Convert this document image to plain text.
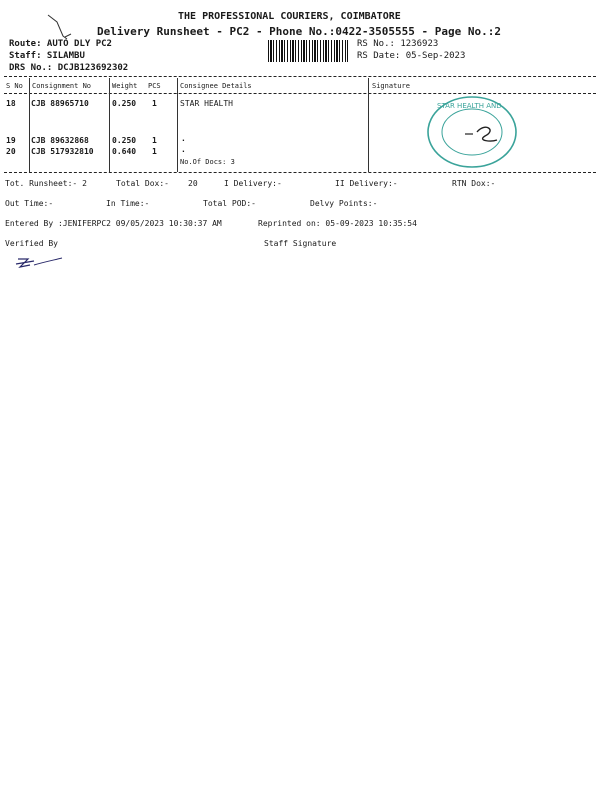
THE PROFESSIONAL COURIERS, COIMBATORE
Delivery Runsheet - PC2 - Phone No.:0422-3505555 - Page No.:2
Route: AUTO DLY PC2
Staff: SILAMBU
DRS No.: DCJB123692302
RS No.: 1236923
RS Date: 05-Sep-2023
S No Consignment No	Weight PCS	Consignee Details	Signature
18 CJB 88965710	0.250 1	STAR HEALTH
19 CJB 89632868	0.250 1	.
20 CJB 517932810 0.640 1	.
No.Of Docs: 3
STAR HEALTH AND
Tot. Runsheet:- 2	Total Dox:- 20	I Delivery:-	II Delivery:-	RTN Dox:-
Out Time:-	In Time:-	Total POD:-	Delvy Points:-
Entered By :JENIFERPC2 09/05/2023 10:30:37 AM	Reprinted on: 05-09-2023 10:35:54
Verified By	Staff Signature
